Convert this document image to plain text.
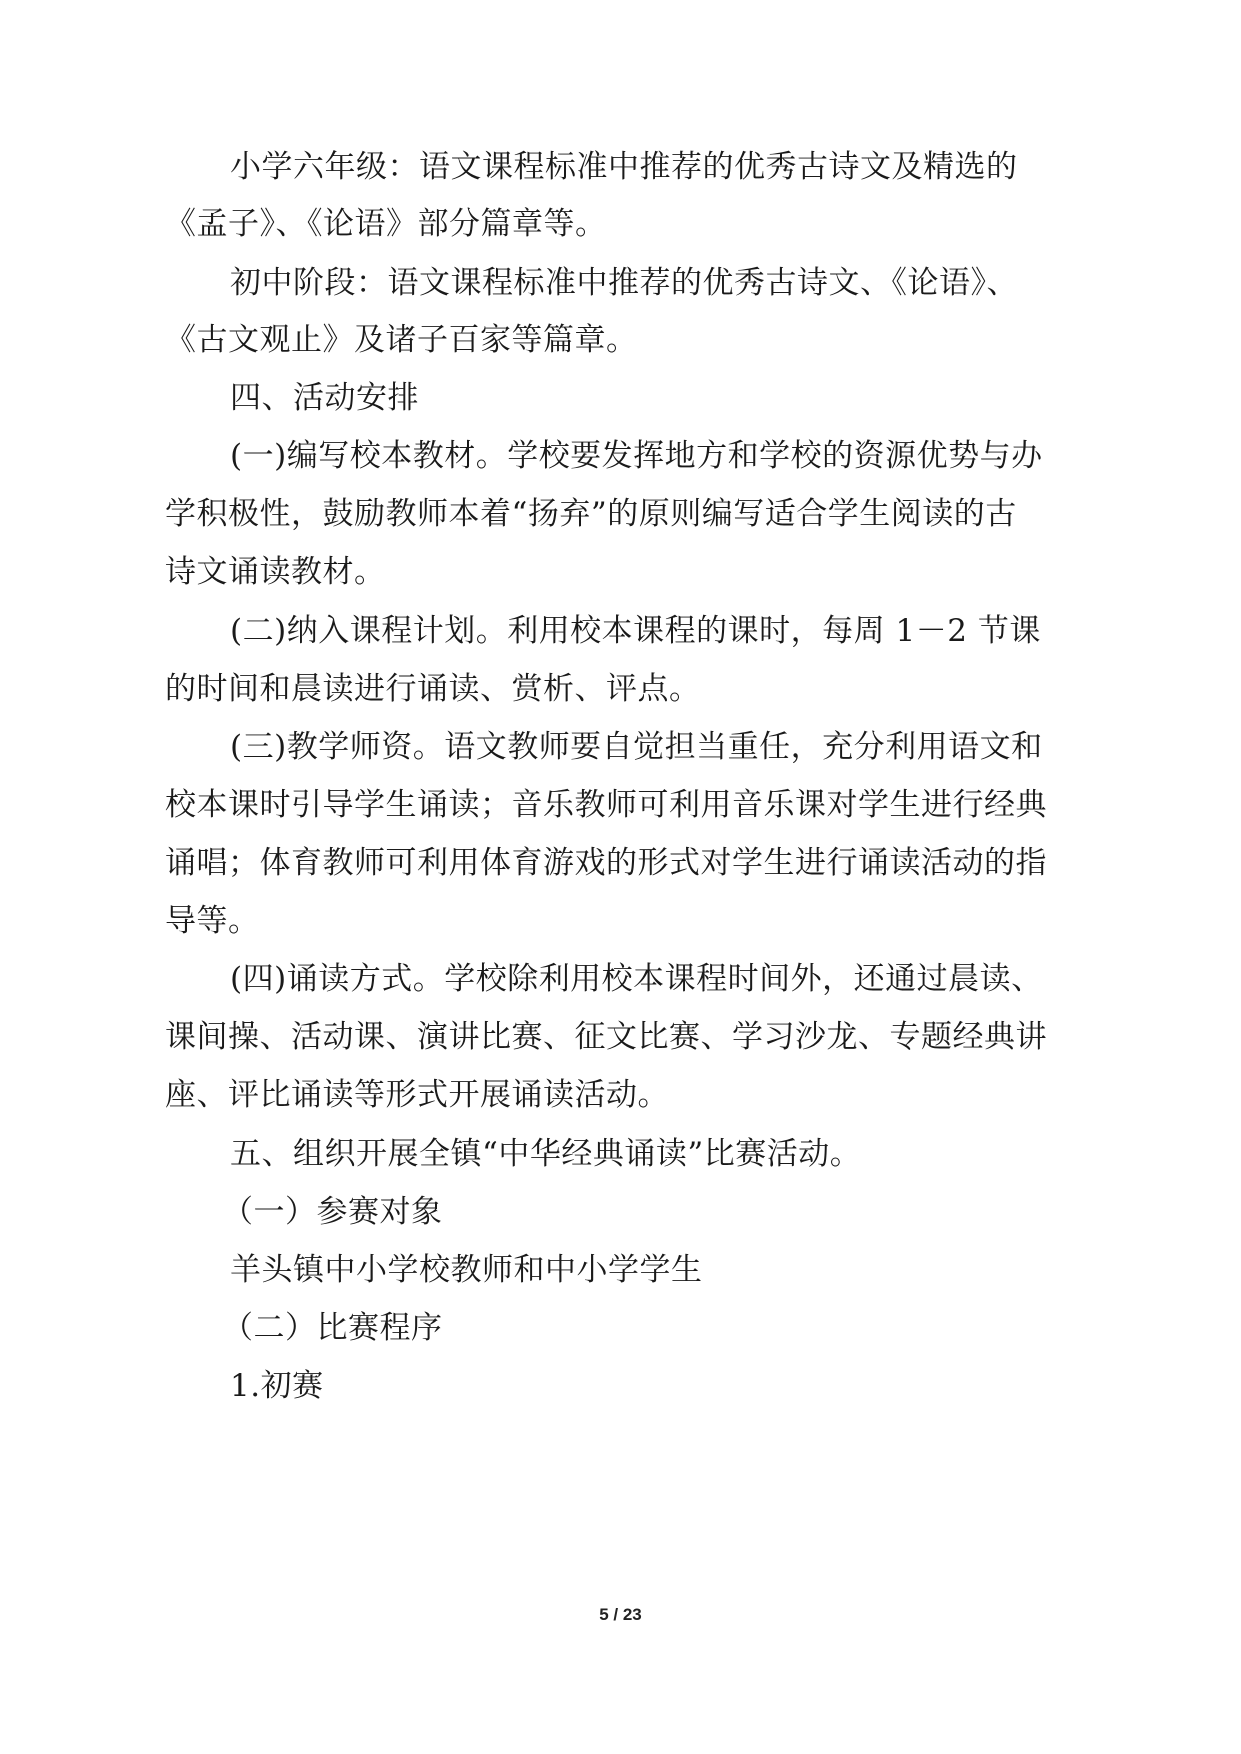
小学六年级：语文课程标准中推荐的优秀古诗文及精选的
《孟子》、《论语》部分篇章等。
初中阶段：语文课程标准中推荐的优秀古诗文、《论语》、
《古文观止》及诸子百家等篇章。
四、活动安排
(一)编写校本教材。学校要发挥地方和学校的资源优势与办
学积极性，鼓励教师本着“扬弃”的原则编写适合学生阅读的古
诗文诵读教材。
(二)纳入课程计划。利用校本课程的课时，每周 1－2 节课
的时间和晨读进行诵读、赏析、评点。
(三)教学师资。语文教师要自觉担当重任，充分利用语文和
校本课时引导学生诵读；音乐教师可利用音乐课对学生进行经典
诵唱；体育教师可利用体育游戏的形式对学生进行诵读活动的指
导等。
(四)诵读方式。学校除利用校本课程时间外，还通过晨读、
课间操、活动课、演讲比赛、征文比赛、学习沙龙、专题经典讲
座、评比诵读等形式开展诵读活动。
五、组织开展全镇“中华经典诵读”比赛活动。
（一）参赛对象
羊头镇中小学校教师和中小学学生
（二）比赛程序
1.初赛
5 / 23
